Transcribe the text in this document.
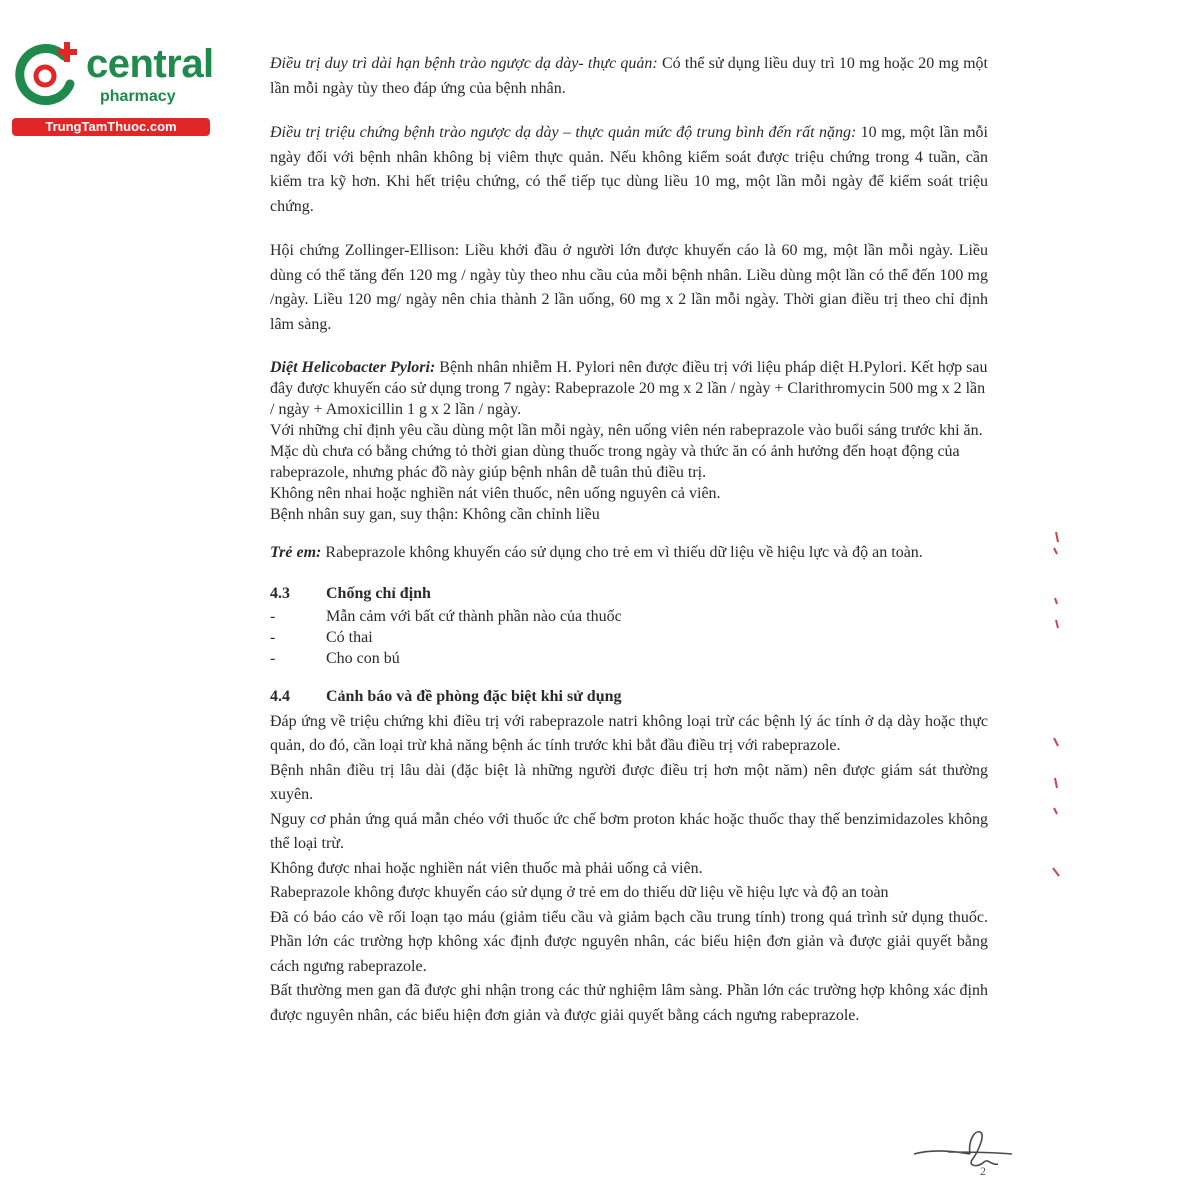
central
pharmacy
TrungTamThuoc.com

Điều trị duy trì dài hạn bệnh trào ngược dạ dày- thực quản: Có thể sử dụng liều duy trì 10 mg hoặc 20 mg một lần mỗi ngày tùy theo đáp ứng của bệnh nhân.

Điều trị triệu chứng bệnh trào ngược dạ dày – thực quản mức độ trung bình đến rất nặng: 10 mg, một lần mỗi ngày đối với bệnh nhân không bị viêm thực quản. Nếu không kiểm soát được triệu chứng trong 4 tuần, cần kiểm tra kỹ hơn. Khi hết triệu chứng, có thể tiếp tục dùng liều 10 mg, một lần mỗi ngày để kiểm soát triệu chứng.

Hội chứng Zollinger-Ellison: Liều khởi đầu ở người lớn được khuyến cáo là 60 mg, một lần mỗi ngày. Liều dùng có thể tăng đến 120 mg / ngày tùy theo nhu cầu của mỗi bệnh nhân. Liều dùng một lần có thể đến 100 mg /ngày. Liều 120 mg/ ngày nên chia thành 2 lần uống, 60 mg x 2 lần mỗi ngày. Thời gian điều trị theo chỉ định lâm sàng.

Diệt Helicobacter Pylori: Bệnh nhân nhiễm H. Pylori nên được điều trị với liệu pháp diệt H.Pylori. Kết hợp sau đây được khuyến cáo sử dụng trong 7 ngày: Rabeprazole 20 mg x 2 lần / ngày + Clarithromycin 500 mg x 2 lần / ngày + Amoxicillin 1 g x 2 lần / ngày.

Với những chỉ định yêu cầu dùng một lần mỗi ngày, nên uống viên nén rabeprazole vào buổi sáng trước khi ăn. Mặc dù chưa có bằng chứng tỏ thời gian dùng thuốc trong ngày và thức ăn có ảnh hưởng đến hoạt động của rabeprazole, nhưng phác đồ này giúp bệnh nhân dễ tuân thủ điều trị.

Không nên nhai hoặc nghiền nát viên thuốc, nên uống nguyên cả viên.

Bệnh nhân suy gan, suy thận: Không cần chỉnh liều

Trẻ em: Rabeprazole không khuyến cáo sử dụng cho trẻ em vì thiếu dữ liệu về hiệu lực và độ an toàn.

4.3	Chống chỉ định
-	Mẫn cảm với bất cứ thành phần nào của thuốc
-	Có thai
-	Cho con bú
4.4	Cảnh báo và đề phòng đặc biệt khi sử dụng

Đáp ứng về triệu chứng khi điều trị với rabeprazole natri không loại trừ các bệnh lý ác tính ở dạ dày hoặc thực quản, do đó, cần loại trừ khả năng bệnh ác tính trước khi bắt đầu điều trị với rabeprazole.

Bệnh nhân điều trị lâu dài (đặc biệt là những người được điều trị hơn một năm) nên được giám sát thường xuyên.

Nguy cơ phản ứng quá mẫn chéo với thuốc ức chế bơm proton khác hoặc thuốc thay thế benzimidazoles không thể loại trừ.

Không được nhai hoặc nghiền nát viên thuốc mà phải uống cả viên.

Rabeprazole không được khuyến cáo sử dụng ở trẻ em do thiếu dữ liệu về hiệu lực và độ an toàn

Đã có báo cáo về rối loạn tạo máu (giảm tiểu cầu và giảm bạch cầu trung tính) trong quá trình sử dụng thuốc. Phần lớn các trường hợp không xác định được nguyên nhân, các biểu hiện đơn giản và được giải quyết bằng cách ngưng rabeprazole.

Bất thường men gan đã được ghi nhận trong các thử nghiệm lâm sàng. Phần lớn các trường hợp không xác định được nguyên nhân, các biểu hiện đơn giản và được giải quyết bằng cách ngưng rabeprazole.

2
